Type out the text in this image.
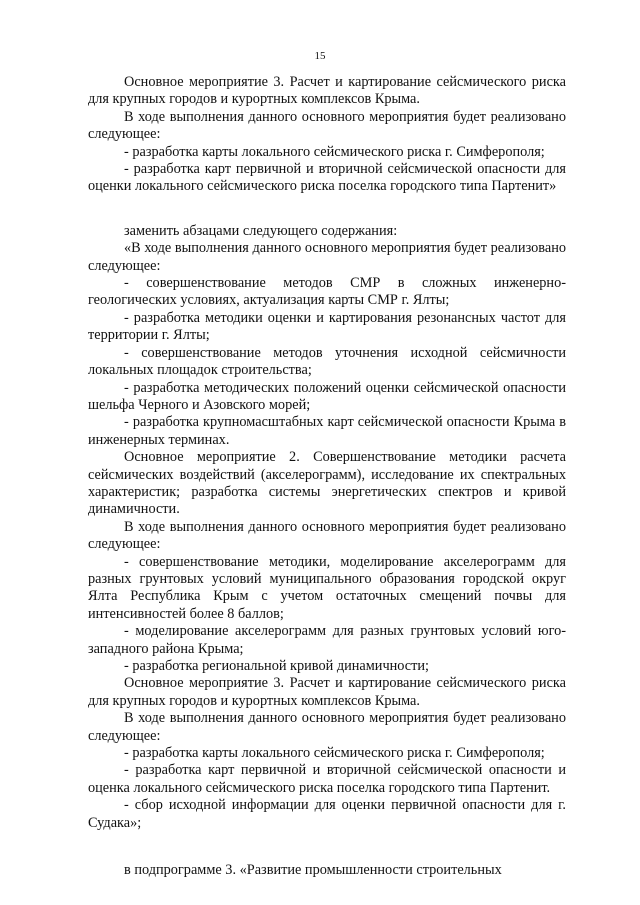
15

Основное мероприятие 3. Расчет и картирование сейсмического риска для крупных городов и курортных комплексов Крыма.

В ходе выполнения данного основного мероприятия будет реализовано следующее:

- разработка карты локального сейсмического риска г. Симферополя;

- разработка карт первичной и вторичной сейсмической опасности для оценки локального сейсмического риска поселка городского типа Партенит»

заменить абзацами следующего содержания:

«В ходе выполнения данного основного мероприятия будет реализовано следующее:

- совершенствование методов СМР в сложных инженерно-геологических условиях, актуализация карты СМР г. Ялты;

- разработка методики оценки и картирования резонансных частот для территории г. Ялты;

- совершенствование методов уточнения исходной сейсмичности локальных площадок строительства;

- разработка методических положений оценки сейсмической опасности шельфа Черного и Азовского морей;

- разработка крупномасштабных карт сейсмической опасности Крыма в инженерных терминах.

Основное мероприятие 2. Совершенствование методики расчета сейсмических воздействий (акселерограмм), исследование их спектральных характеристик; разработка системы энергетических спектров и кривой динамичности.

В ходе выполнения данного основного мероприятия будет реализовано следующее:

- совершенствование методики, моделирование акселерограмм для разных грунтовых условий муниципального образования городской округ Ялта Республика Крым с учетом остаточных смещений почвы для интенсивностей более 8 баллов;

- моделирование акселерограмм для разных грунтовых условий юго-западного района Крыма;

- разработка региональной кривой динамичности;

Основное мероприятие 3. Расчет и картирование сейсмического риска для крупных городов и курортных комплексов Крыма.

В ходе выполнения данного основного мероприятия будет реализовано следующее:

- разработка карты локального сейсмического риска г. Симферополя;

- разработка карт первичной и вторичной сейсмической опасности и оценка локального сейсмического риска поселка городского типа Партенит.

- сбор исходной информации для оценки первичной опасности для г. Судака»;

в подпрограмме 3. «Развитие промышленности строительных
